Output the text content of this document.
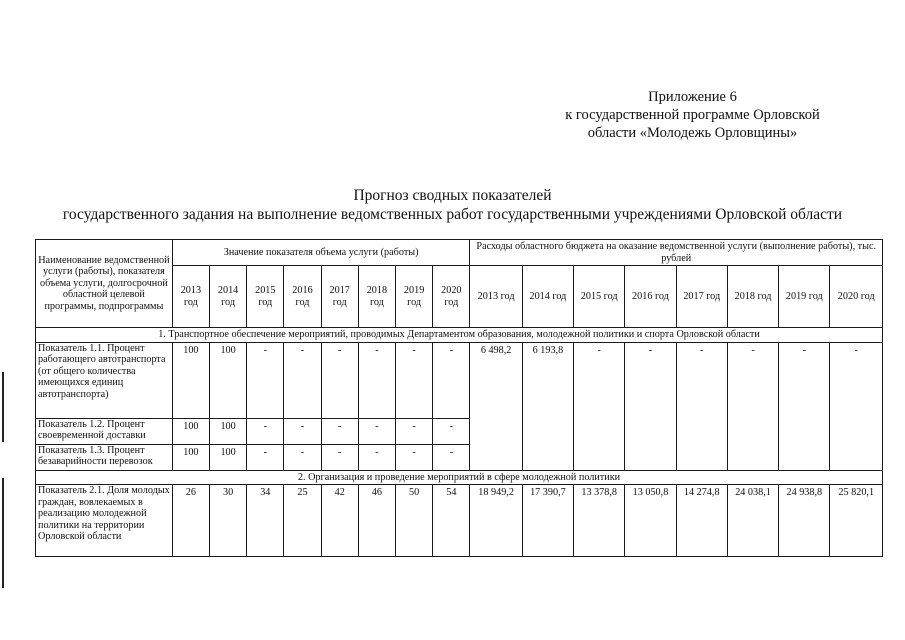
Приложение 6
к государственной программе Орловской
области «Молодежь Орловщины»
Прогноз сводных показателей
государственного задания на выполнение ведомственных работ государственными учреждениями Орловской области
Наименование ведомственной услуги (работы), показателя объема услуги, долгосрочной областной целевой программы, подпрограммы	Значение показателя объема услуги (работы)								Расходы областного бюджета на оказание ведомственной услуги (выполнение работы), тыс. рублей							
	2013 год	2014 год	2015 год	2016 год	2017 год	2018 год	2019 год	2020 год	2013 год	2014 год	2015 год	2016 год	2017 год	2018 год	2019 год	2020 год
1. Транспортное обеспечение мероприятий, проводимых Департаментом образования, молодежной политики и спорта Орловской области																
Показатель 1.1. Процент работающего автотранспорта (от общего количества имеющихся единиц автотранспорта)	100	100	-	-	-	-	-	-	6 498,2	6 193,8	-	-	-	-	-	-
Показатель 1.2. Процент своевременной доставки	100	100	-	-	-	-	-	-								
Показатель 1.3. Процент безаварийности перевозок	100	100	-	-	-	-	-	-								
2. Организация и проведение мероприятий в сфере молодежной политики																
Показатель 2.1. Доля молодых граждан, вовлекаемых в реализацию молодежной политики на территории Орловской области	26	30	34	25	42	46	50	54	18 949,2	17 390,7	13 378,8	13 050,8	14 274,8	24 038,1	24 938,8	25 820,1
